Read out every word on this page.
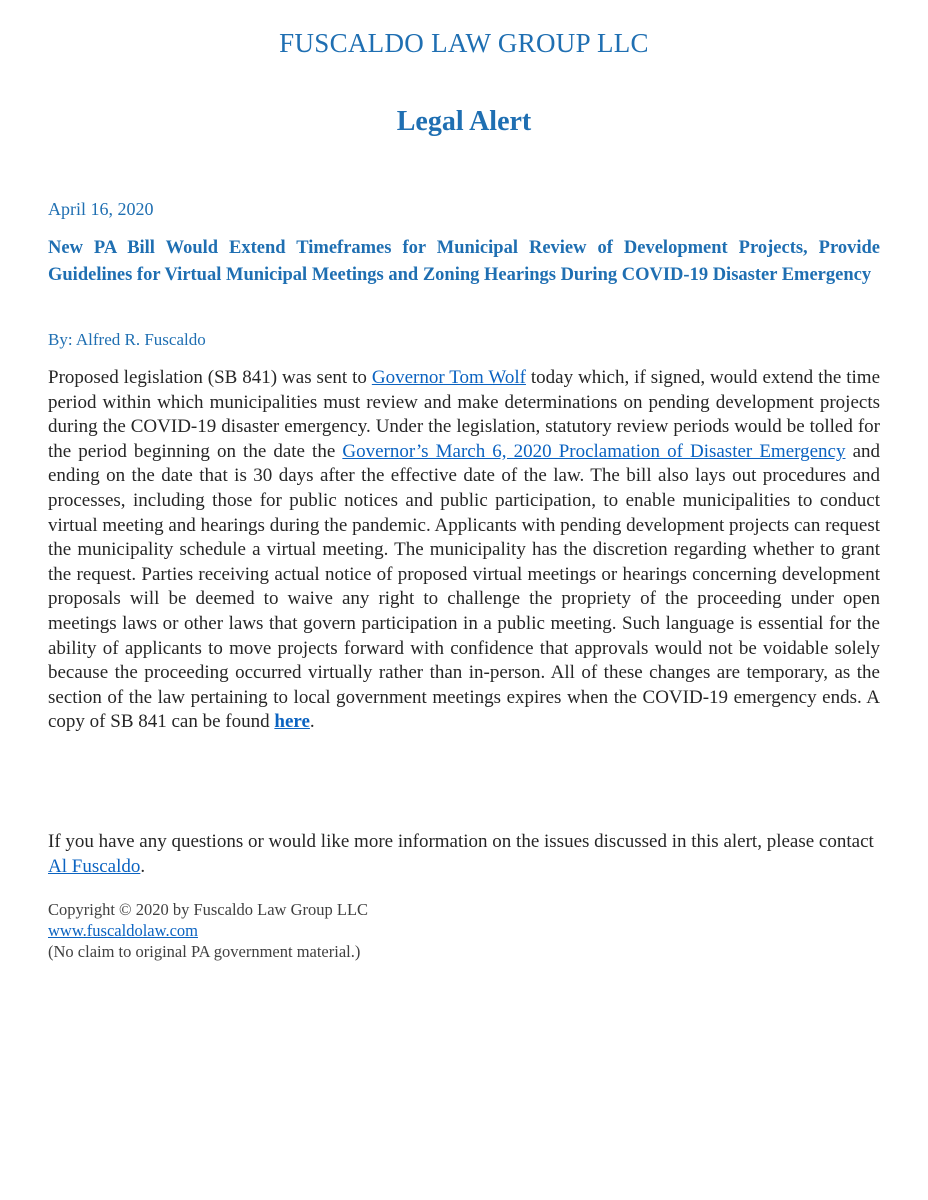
FUSCALDO LAW GROUP LLC
Legal Alert
April 16, 2020
New PA Bill Would Extend Timeframes for Municipal Review of Development Projects, Provide Guidelines for Virtual Municipal Meetings and Zoning Hearings During COVID-19 Disaster Emergency
By: Alfred R. Fuscaldo
Proposed legislation (SB 841) was sent to Governor Tom Wolf today which, if signed, would extend the time period within which municipalities must review and make determinations on pending development projects during the COVID-19 disaster emergency. Under the legislation, statutory review periods would be tolled for the period beginning on the date the Governor’s March 6, 2020 Proclamation of Disaster Emergency and ending on the date that is 30 days after the effective date of the law. The bill also lays out procedures and processes, including those for public notices and public participation, to enable municipalities to conduct virtual meeting and hearings during the pandemic. Applicants with pending development projects can request the municipality schedule a virtual meeting. The municipality has the discretion regarding whether to grant the request. Parties receiving actual notice of proposed virtual meetings or hearings concerning development proposals will be deemed to waive any right to challenge the propriety of the proceeding under open meetings laws or other laws that govern participation in a public meeting. Such language is essential for the ability of applicants to move projects forward with confidence that approvals would not be voidable solely because the proceeding occurred virtually rather than in-person. All of these changes are temporary, as the section of the law pertaining to local government meetings expires when the COVID-19 emergency ends. A copy of SB 841 can be found here.
If you have any questions or would like more information on the issues discussed in this alert, please contact Al Fuscaldo.
Copyright © 2020 by Fuscaldo Law Group LLC
www.fuscaldolaw.com
(No claim to original PA government material.)
